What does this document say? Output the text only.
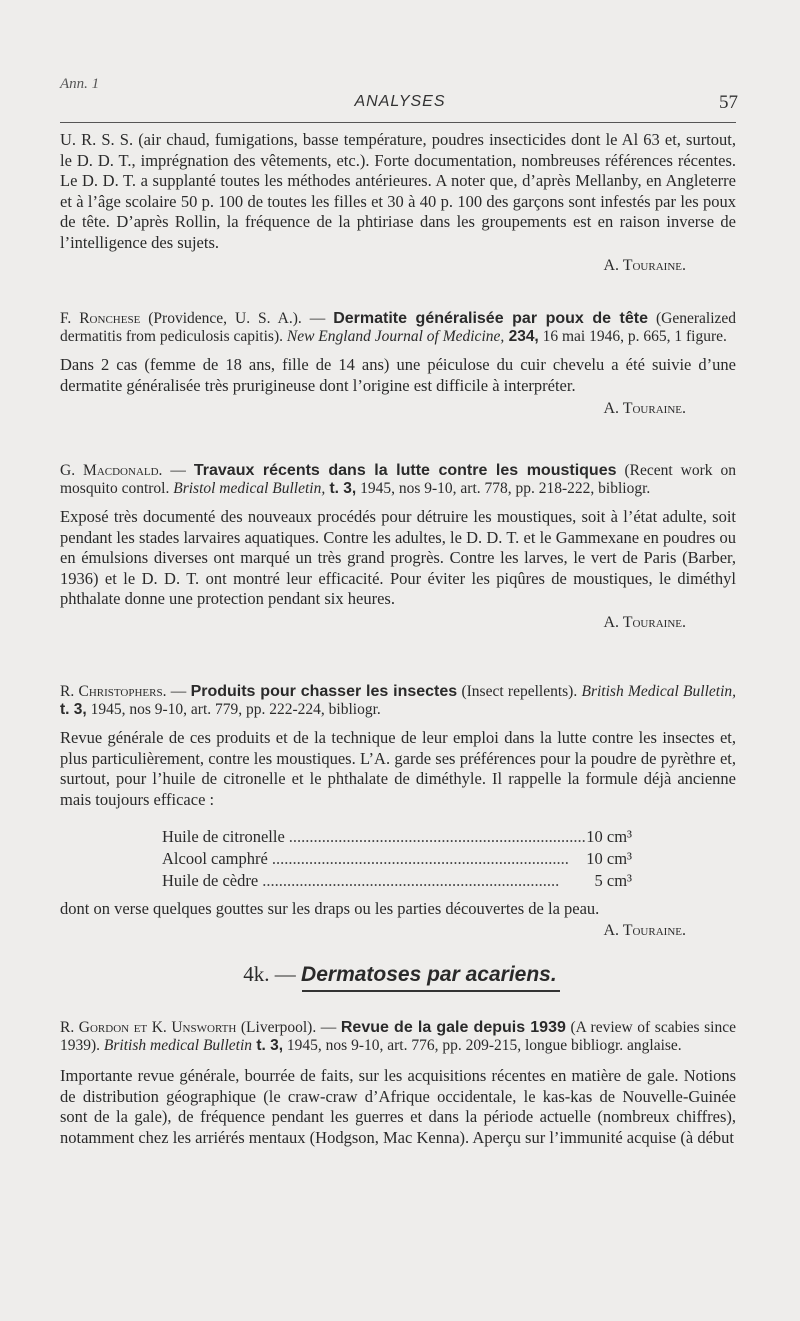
Ann. 1
ANALYSES	57

U. R. S. S. (air chaud, fumigations, basse température, poudres insecticides dont le Al 63 et, surtout, le D. D. T., imprégnation des vêtements, etc.). Forte documentation, nombreuses références récentes. Le D. D. T. a supplanté toutes les méthodes antérieures. A noter que, d’après Mellanby, en Angleterre et à l’âge scolaire 50 p. 100 de toutes les filles et 30 à 40 p. 100 des garçons sont infestés par les poux de tête. D’après Rollin, la fréquence de la phtiriase dans les groupements est en raison inverse de l’intelligence des sujets.

A. Touraine.

F. Ronchese (Providence, U. S. A.). — Dermatite généralisée par poux de tête (Generalized dermatitis from pediculosis capitis). New England Journal of Medicine, 234, 16 mai 1946, p. 665, 1 figure.

Dans 2 cas (femme de 18 ans, fille de 14 ans) une péiculose du cuir chevelu a été suivie d’une dermatite généralisée très prurigineuse dont l’origine est difficile à interpréter.

A. Touraine.

G. Macdonald. — Travaux récents dans la lutte contre les moustiques (Recent work on mosquito control. Bristol medical Bulletin, t. 3, 1945, nos 9-10, art. 778, pp. 218-222, bibliogr.

Exposé très documenté des nouveaux procédés pour détruire les moustiques, soit à l’état adulte, soit pendant les stades larvaires aquatiques. Contre les adultes, le D. D. T. et le Gammexane en poudres ou en émulsions diverses ont marqué un très grand progrès. Contre les larves, le vert de Paris (Barber, 1936) et le D. D. T. ont montré leur efficacité. Pour éviter les piqûres de moustiques, le diméthyl phthalate donne une protection pendant six heures.

A. Touraine.

R. Christophers. — Produits pour chasser les insectes (Insect repellents). British Medical Bulletin, t. 3, 1945, nos 9-10, art. 779, pp. 222-224, bibliogr.

Revue générale de ces produits et de la technique de leur emploi dans la lutte contre les insectes et, plus particulièrement, contre les moustiques. L’A. garde ses préférences pour la poudre de pyrèthre et, surtout, pour l’huile de citronelle et le phthalate de diméthyle. Il rappelle la formule déjà ancienne mais toujours efficace :

Huile de citronelle ........................................................................ 10 cm³
Alcool camphré ........................................................................	10 cm³
Huile de cèdre ........................................................................	5 cm³

dont on verse quelques gouttes sur les draps ou les parties découvertes de la peau.

A. Touraine.
4k. — Dermatoses par acariens.

R. Gordon et K. Unsworth (Liverpool). — Revue de la gale depuis 1939 (A review of scabies since 1939). British medical Bulletin t. 3, 1945, nos 9-10, art. 776, pp. 209-215, longue bibliogr. anglaise.

Importante revue générale, bourrée de faits, sur les acquisitions récentes en matière de gale. Notions de distribution géographique (le craw-craw d’Afrique occidentale, le kas-kas de Nouvelle-Guinée sont de la gale), de fréquence pendant les guerres et dans la période actuelle (nombreux chiffres), notamment chez les arriérés mentaux (Hodgson, Mac Kenna). Aperçu sur l’immunité acquise (à début
